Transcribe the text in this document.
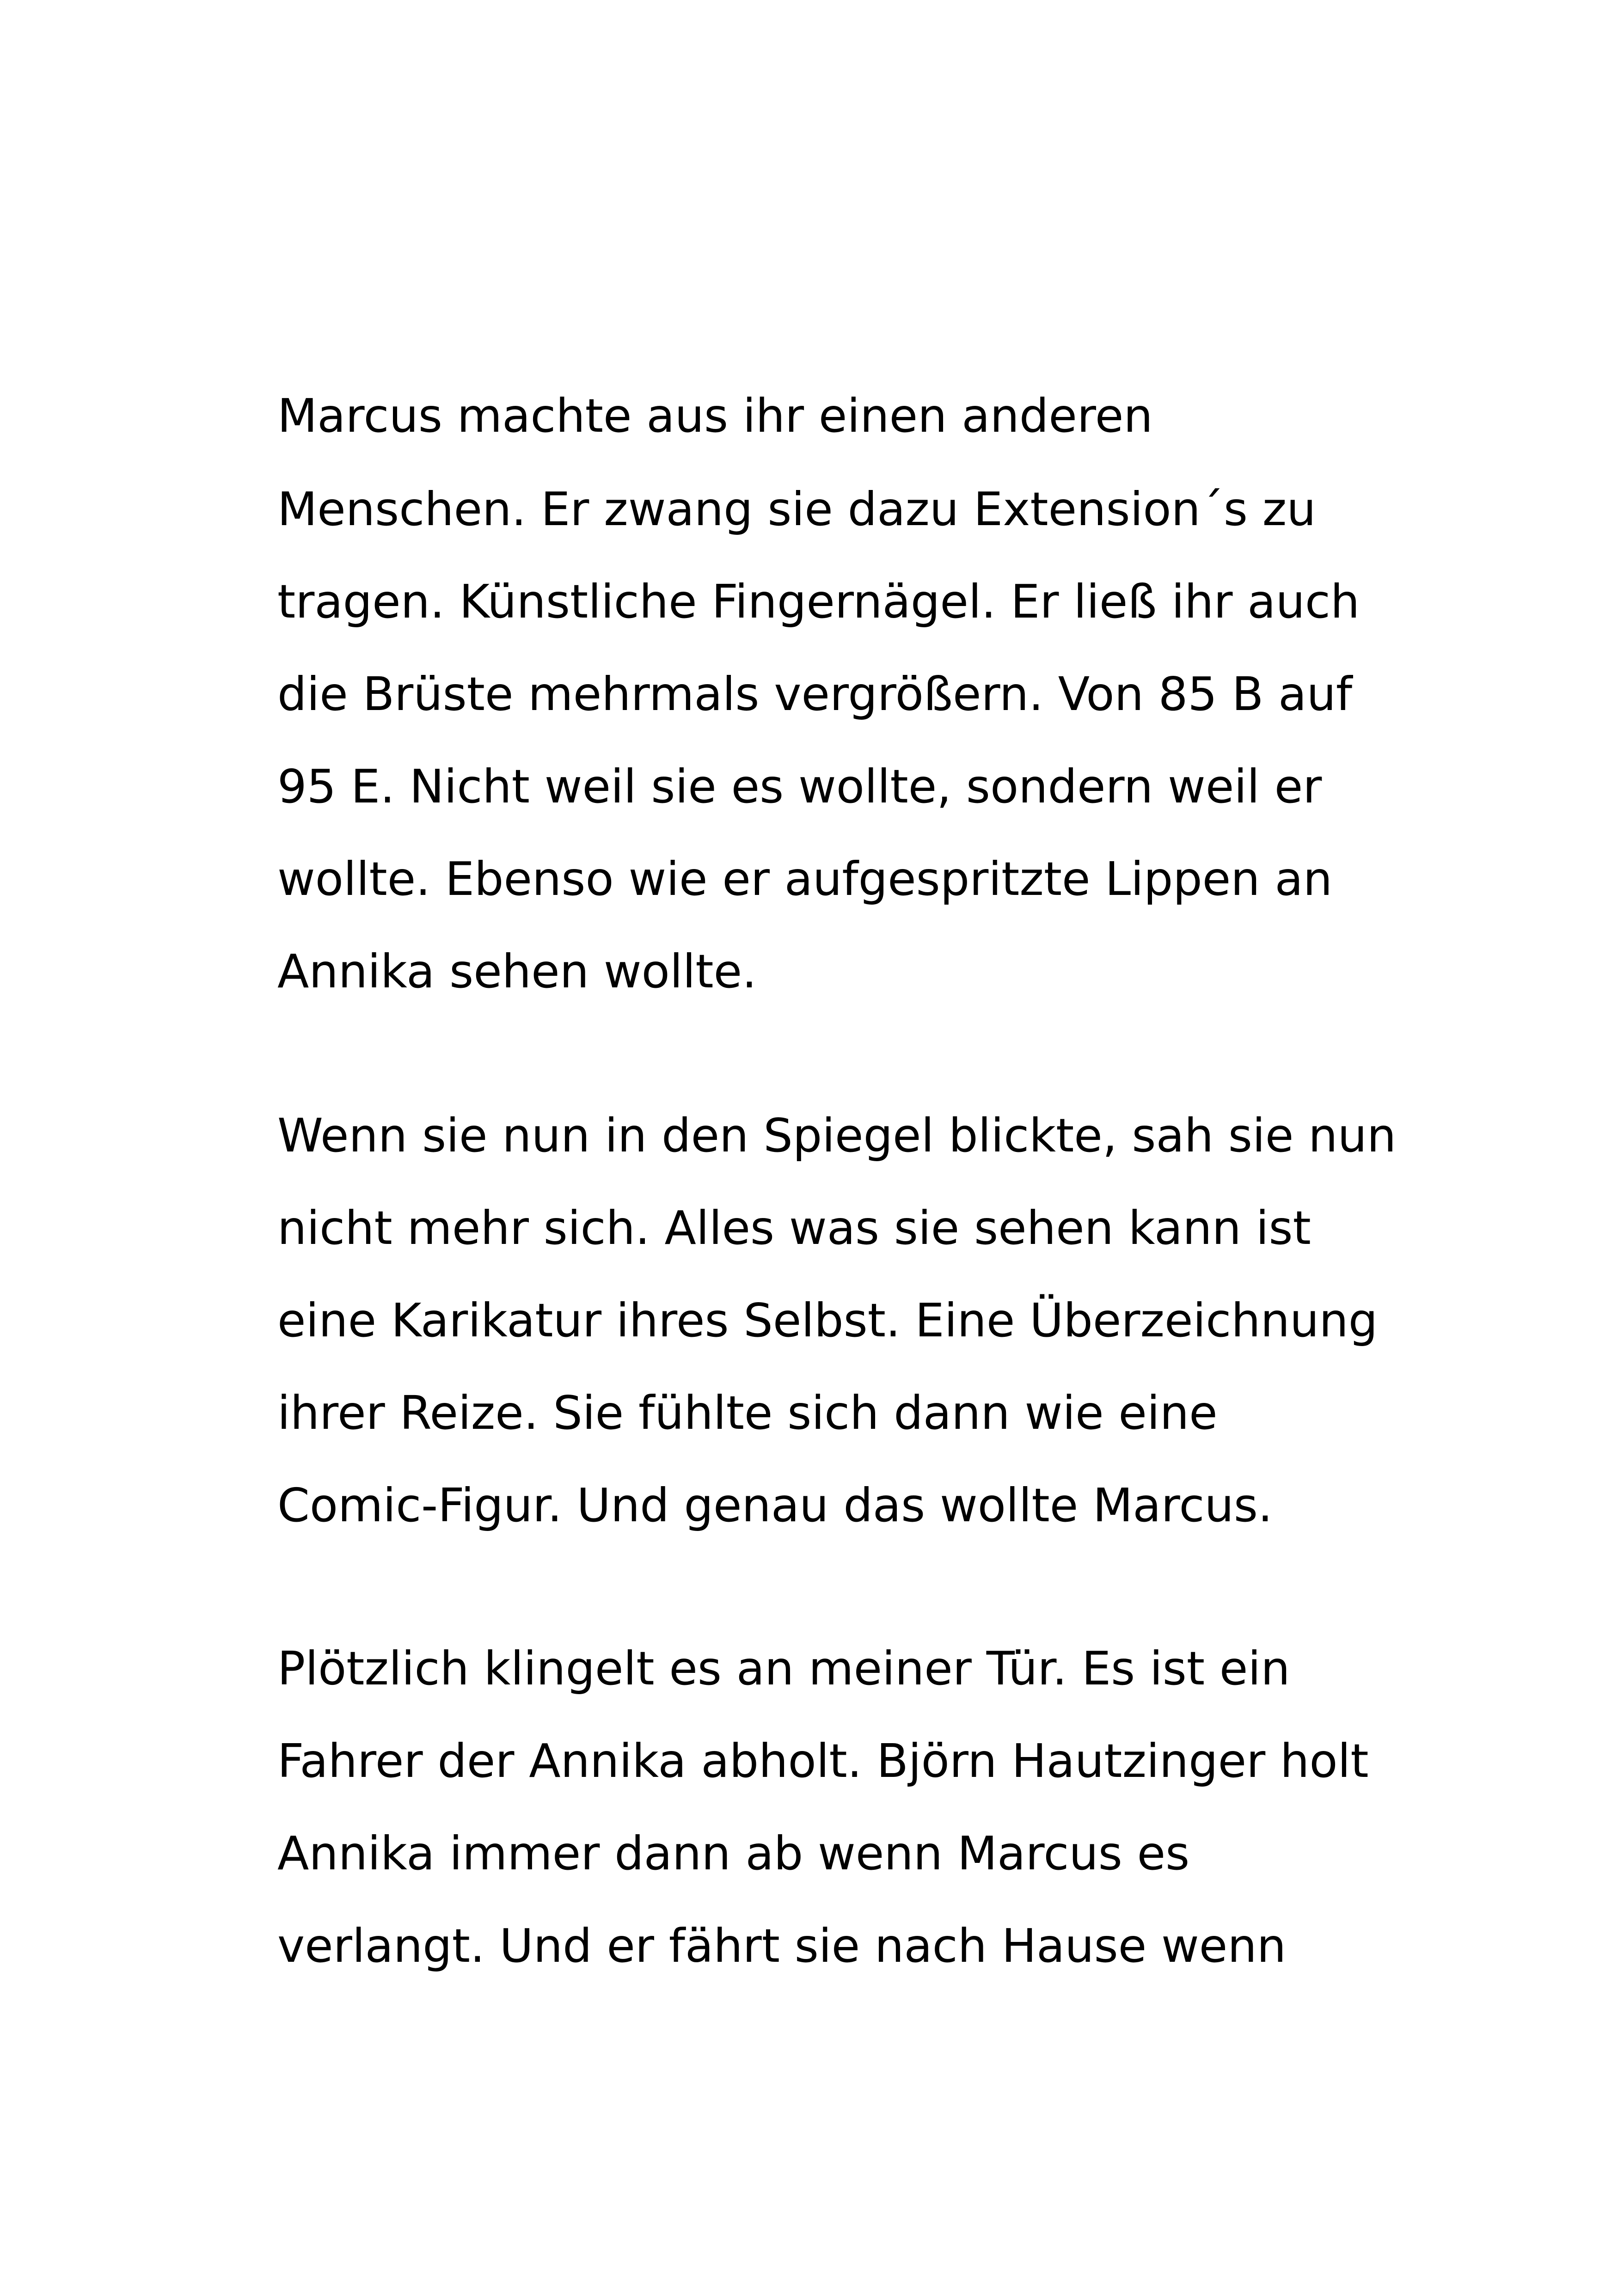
Marcus machte aus ihr einen anderen
Menschen. Er zwang sie dazu Extension´s zu
tragen. Künstliche Fingernägel. Er ließ ihr auch
die Brüste mehrmals vergrößern. Von 85 B auf
95 E. Nicht weil sie es wollte, sondern weil er
wollte. Ebenso wie er aufgespritzte Lippen an
Annika sehen wollte.
Wenn sie nun in den Spiegel blickte, sah sie nun
nicht mehr sich. Alles was sie sehen kann ist
eine Karikatur ihres Selbst. Eine Überzeichnung
ihrer Reize. Sie fühlte sich dann wie eine
Comic-Figur. Und genau das wollte Marcus.
Plötzlich klingelt es an meiner Tür. Es ist ein
Fahrer der Annika abholt. Björn Hautzinger holt
Annika immer dann ab wenn Marcus es
verlangt. Und er fährt sie nach Hause wenn
